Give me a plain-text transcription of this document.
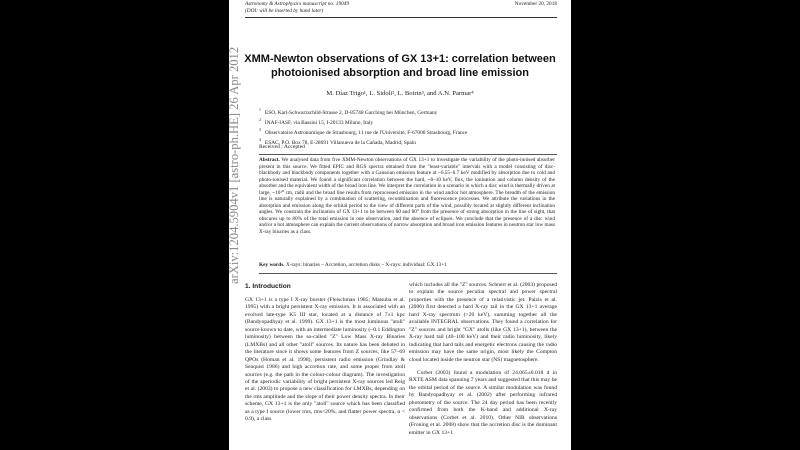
Astronomy & Astrophysics manuscript no. 19049
(DOI: will be inserted by hand later)
November 20, 2018
XMM-Newton observations of GX 13+1: correlation between
photoionised absorption and broad line emission
M. Díaz Trigo¹, L. Sidoli², L. Boirin³, and A.N. Parmar⁴
$^1$ ESO, Karl-Schwarzschild-Strasse 2, D-85748 Garching bei München, Germany
$^2$ INAF-IASF, via Bassini 15, I-20133 Milano, Italy
$^3$ Observatoire Astronomique de Strasbourg, 11 rue de l'Université, F-67000 Strasbourg, France
$^4$ ESAC, P.O. Box 78, E-28691 Villanueva de la Cañada, Madrid, Spain
Received ; Accepted
Abstract. We analysed data from five XMM-Newton observations of GX 13+1 to investigate the variability of the photo-ionised absorber present in this source. We fitted EPIC and RGS spectra obtained from the "least-variable" intervals with a model consisting of disc-blackbody and blackbody components together with a Gaussian emission feature at ~6.55–6.7 keV modified by absorption due to cold and photo-ionised material. We found a significant correlation between the hard, ~6–10 keV, flux, the ionisation and column density of the absorber and the equivalent width of the broad iron line. We interpret the correlation in a scenario in which a disc wind is thermally driven at large, ~10¹⁰ cm, radii and the broad line results from reprocessed emission in the wind and/or hot atmosphere. The breadth of the emission line is naturally explained by a combination of scattering, recombination and fluorescence processes. We attribute the variations in the absorption and emission along the orbital period to the view of different parts of the wind, possibly located at slightly different inclination angles. We constrain the inclination of GX 13+1 to be between 60 and 80° from the presence of strong absorption in the line of sight, that obscures up to 80% of the total emission in one observation, and the absence of eclipses. We conclude that the presence of a disc wind and/or a hot atmosphere can explain the current observations of narrow absorption and broad iron emission features in neutron star low mass X-ray binaries as a class.
Key words. X-rays: binaries – Accretion, accretion disks – X-rays: individual: GX 13+1
1. Introduction

GX 13+1 is a type I X-ray burster (Fleischman 1985; Matsuba et al. 1995) with a bright persistent X-ray emission. It is associated with an evolved late-type K5 III star, located at a distance of 7±1 kpc (Bandyopadhyay et al. 1999). GX 13+1 is the most luminous "atoll" source known to date, with an intermediate luminosity (~0.1 Eddington luminosity) between the so-called "Z" Low Mass X-ray Binaries (LMXBs) and all other "atoll" sources. Its nature has been debated in the literature since it shows some features from Z sources, like 57–69 QPOs (Homan et al. 1998), persistent radio emission (Grindlay & Seaquist 1986) and high accretion rate, and some proper from atoll sources (e.g. the path in the colour-colour diagram). The investigation of the aperiodic variability of bright persistent X-ray sources led Reig et al. (2003) to propose a new classification for LMXBs, depending on the rms amplitude and the slope of their power density spectra. In their scheme, GX 13+1 is the only "atoll" source which has been classified as a type I source (lower rms, rms<20%, and flatter power spectra, α < 0.9), a class

which includes all the "Z" sources. Schnerr et al. (2003) proposed to explain the source peculiar spectral and power spectral properties with the presence of a relativistic jet. Paizis et al. (2006) first detected a hard X-ray tail in the GX 13+1 average hard X-ray spectrum (>20 keV), summing together all the available INTEGRAL observations. They found a correlation for "Z" sources and bright "GX" atolls (like GX 13+1), between the X-ray hard tail (40–100 keV) and their radio luminosity, likely indicating that hard tails and energetic electrons causing the radio emission may have the same origin, most likely the Compton cloud located inside the neutron star (NS) magnetosphere.

Corbet (2003) found a modulation of 24.065±0.018 d in RXTE ASM data spanning 7 years and suggested that this may be the orbital period of the source. A similar modulation was found by Bandyopadhyay et al. (2002) after performing infrared photometry of the source. The 24 day period has been recently confirmed from both the K-band and additional X-ray observations (Corbet et al. 2010). Other NIR observations (Froning et al. 2008) show that the accretion disc is the dominant emitter in GX 13+1

arXiv:1204.5904v1 [astro-ph.HE] 26 Apr 2012
